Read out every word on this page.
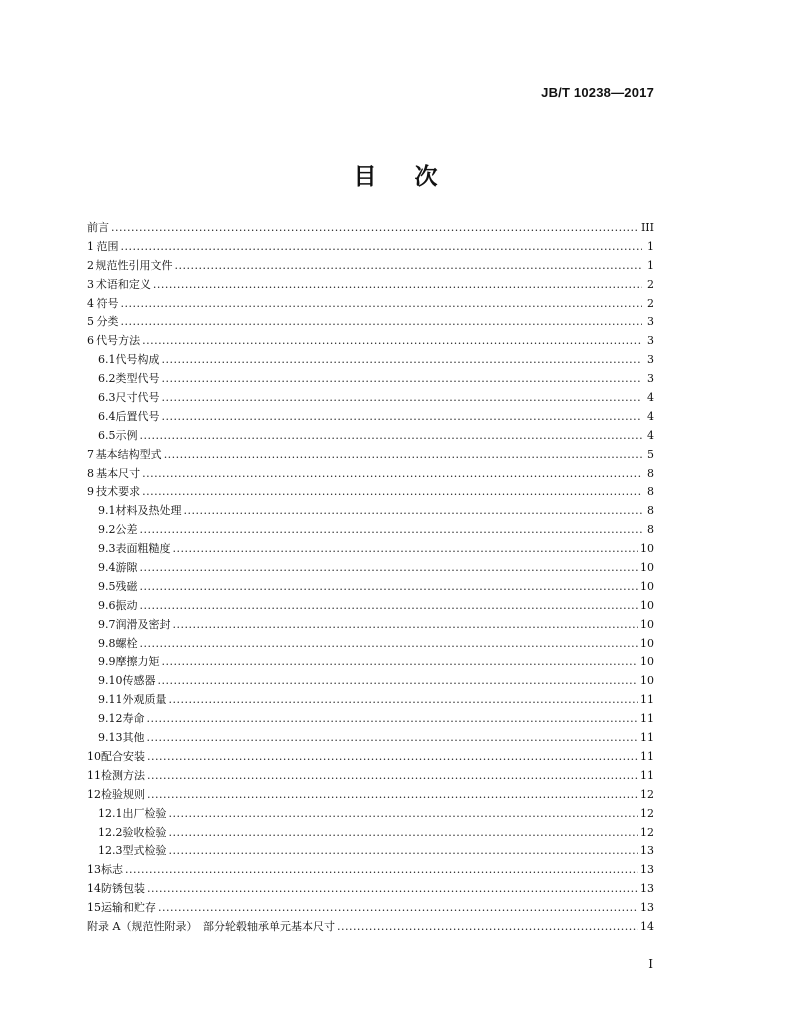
JB/T 10238—2017
目 次
前言 .....	III
1 范围 .....	1
2 规范性引用文件 .....	1
3 术语和定义 .....	2
4 符号 .....	2
5 分类 .....	3
6 代号方法 .....	3
6.1 代号构成 .....	3
6.2 类型代号 .....	3
6.3 尺寸代号 .....	4
6.4 后置代号 .....	4
6.5 示例 .....	4
7 基本结构型式 .....	5
8 基本尺寸 .....	8
9 技术要求 .....	8
9.1 材料及热处理 .....	8
9.2 公差 .....	8
9.3 表面粗糙度 .....	10
9.4 游隙 .....	10
9.5 残磁 .....	10
9.6 振动 .....	10
9.7 润滑及密封 .....	10
9.8 螺栓 .....	10
9.9 摩擦力矩 .....	10
9.10 传感器 .....	10
9.11 外观质量 .....	11
9.12 寿命 .....	11
9.13 其他 .....	11
10 配合安装 .....	11
11 检测方法 .....	11
12 检验规则 .....	12
12.1 出厂检验 .....	12
12.2 验收检验 .....	12
12.3 型式检验 .....	13
13 标志 .....	13
14 防锈包装 .....	13
15 运输和贮存 .....	13
附录 A（规范性附录）　部分轮毂轴承单元基本尺寸 .....	14
I
